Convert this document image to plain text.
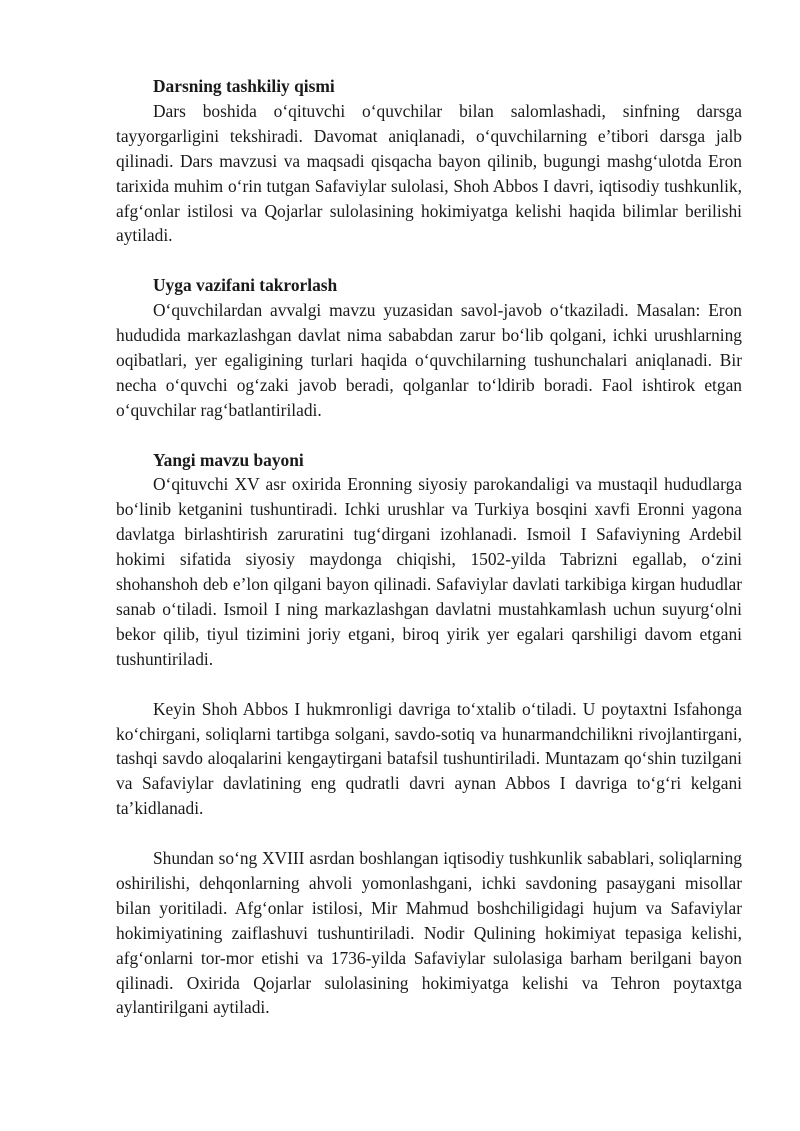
Darsning tashkiliy qismi

Dars boshida o‘qituvchi o‘quvchilar bilan salomlashadi, sinfning darsga tayyorgarligini tekshiradi. Davomat aniqlanadi, o‘quvchilarning e’tibori darsga jalb qilinadi. Dars mavzusi va maqsadi qisqacha bayon qilinib, bugungi mashg‘ulotda Eron tarixida muhim o‘rin tutgan Safaviylar sulolasi, Shoh Abbos I davri, iqtisodiy tushkunlik, afg‘onlar istilosi va Qojarlar sulolasining hokimiyatga kelishi haqida bilimlar berilishi aytiladi.

Uyga vazifani takrorlash

O‘quvchilardan avvalgi mavzu yuzasidan savol-javob o‘tkaziladi. Masalan: Eron hududida markazlashgan davlat nima sababdan zarur bo‘lib qolgani, ichki urushlarning oqibatlari, yer egaligining turlari haqida o‘quvchilarning tushunchalari aniqlanadi. Bir necha o‘quvchi og‘zaki javob beradi, qolganlar to‘ldirib boradi. Faol ishtirok etgan o‘quvchilar rag‘batlantiriladi.

Yangi mavzu bayoni

O‘qituvchi XV asr oxirida Eronning siyosiy parokandaligi va mustaqil hududlarga bo‘linib ketganini tushuntiradi. Ichki urushlar va Turkiya bosqini xavfi Eronni yagona davlatga birlashtirish zaruratini tug‘dirgani izohlanadi. Ismoil I Safaviyning Ardebil hokimi sifatida siyosiy maydonga chiqishi, 1502-yilda Tabrizni egallab, o‘zini shohanshoh deb e’lon qilgani bayon qilinadi. Safaviylar davlati tarkibiga kirgan hududlar sanab o‘tiladi. Ismoil I ning markazlashgan davlatni mustahkamlash uchun suyurg‘olni bekor qilib, tiyul tizimini joriy etgani, biroq yirik yer egalari qarshiligi davom etgani tushuntiriladi.

Keyin Shoh Abbos I hukmronligi davriga to‘xtalib o‘tiladi. U poytaxtni Isfahonga ko‘chirgani, soliqlarni tartibga solgani, savdo-sotiq va hunarmandchilikni rivojlantirgani, tashqi savdo aloqalarini kengaytirgani batafsil tushuntiriladi. Muntazam qo‘shin tuzilgani va Safaviylar davlatining eng qudratli davri aynan Abbos I davriga to‘g‘ri kelgani ta’kidlanadi.

Shundan so‘ng XVIII asrdan boshlangan iqtisodiy tushkunlik sabablari, soliqlarning oshirilishi, dehqonlarning ahvoli yomonlashgani, ichki savdoning pasaygani misollar bilan yoritiladi. Afg‘onlar istilosi, Mir Mahmud boshchiligidagi hujum va Safaviylar hokimiyatining zaiflashuvi tushuntiriladi. Nodir Qulining hokimiyat tepasiga kelishi, afg‘onlarni tor-mor etishi va 1736-yilda Safaviylar sulolasiga barham berilgani bayon qilinadi. Oxirida Qojarlar sulolasining hokimiyatga kelishi va Tehron poytaxtga aylantirilgani aytiladi.
